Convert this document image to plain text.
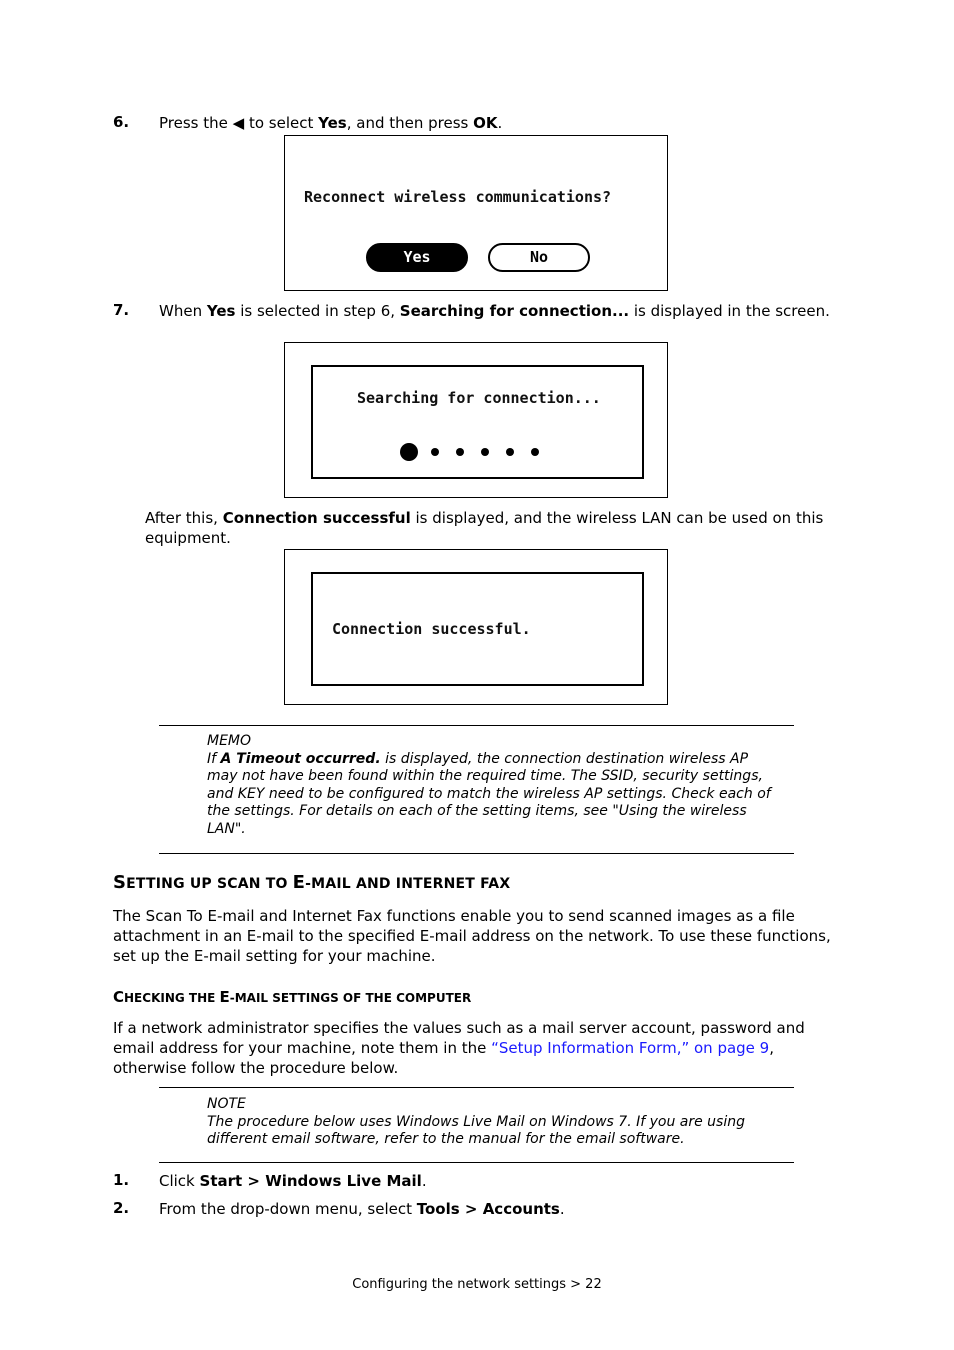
6. Press the ◀ to select Yes, and then press OK.
Reconnect wireless communications?
Yes	No
7. When Yes is selected in step 6, Searching for connection... is displayed in the screen.
Searching for connection...
After this, Connection successful is displayed, and the wireless LAN can be used on this equipment.
Connection successful.
MEMO
If A Timeout occurred. is displayed, the connection destination wireless AP may not have been found within the required time. The SSID, security settings, and KEY need to be configured to match the wireless AP settings. Check each of the settings. For details on each of the setting items, see "Using the wireless LAN".
SETTING UP SCAN TO E-MAIL AND INTERNET FAX
The Scan To E-mail and Internet Fax functions enable you to send scanned images as a file attachment in an E-mail to the specified E-mail address on the network. To use these functions, set up the E-mail setting for your machine.
CHECKING THE E-MAIL SETTINGS OF THE COMPUTER
If a network administrator specifies the values such as a mail server account, password and email address for your machine, note them in the “Setup Information Form,” on page 9, otherwise follow the procedure below.
NOTE
The procedure below uses Windows Live Mail on Windows 7. If you are using different email software, refer to the manual for the email software.
1. Click Start > Windows Live Mail.
2. From the drop-down menu, select Tools > Accounts.
Configuring the network settings > 22
